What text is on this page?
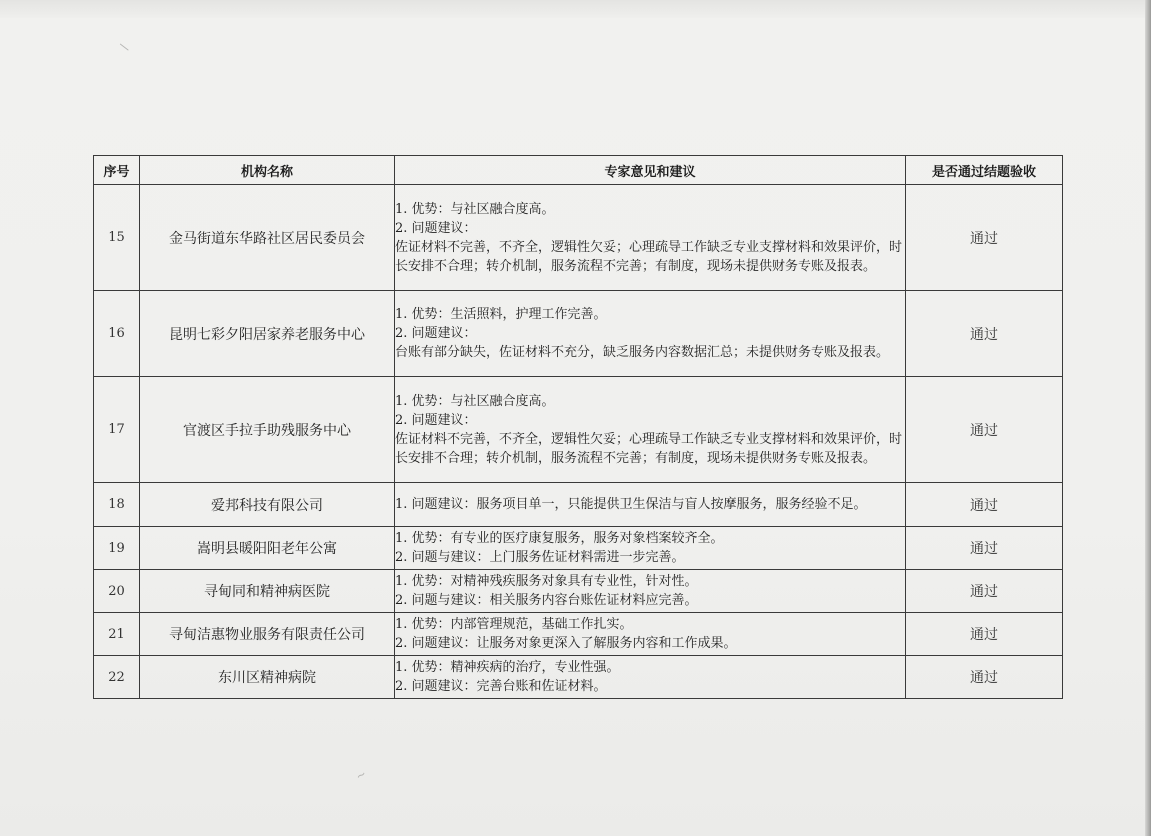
/
~
序号	机构名称	专家意见和建议	是否通过结题验收
15	金马街道东华路社区居民委员会	1. 优势：与社区融合度高。
2. 问题建议：
佐证材料不完善，不齐全，逻辑性欠妥；心理疏导工作缺乏专业支撑材料和效果评价，时长安排不合理；转介机制，服务流程不完善；有制度，现场未提供财务专账及报表。	通过
16	昆明七彩夕阳居家养老服务中心	1. 优势：生活照料，护理工作完善。
2. 问题建议：
台账有部分缺失，佐证材料不充分，缺乏服务内容数据汇总；未提供财务专账及报表。	通过
17	官渡区手拉手助残服务中心	1. 优势：与社区融合度高。
2. 问题建议：
佐证材料不完善，不齐全，逻辑性欠妥；心理疏导工作缺乏专业支撑材料和效果评价，时长安排不合理；转介机制，服务流程不完善；有制度，现场未提供财务专账及报表。	通过
18	爱邦科技有限公司	1. 问题建议：服务项目单一，只能提供卫生保洁与盲人按摩服务，服务经验不足。	通过
19	嵩明县暖阳阳老年公寓	1. 优势：有专业的医疗康复服务，服务对象档案较齐全。
2. 问题与建议：上门服务佐证材料需进一步完善。	通过
20	寻甸同和精神病医院	1. 优势：对精神残疾服务对象具有专业性，针对性。
2. 问题与建议：相关服务内容台账佐证材料应完善。	通过
21	寻甸洁惠物业服务有限责任公司	1. 优势：内部管理规范，基础工作扎实。
2. 问题建议：让服务对象更深入了解服务内容和工作成果。	通过
22	东川区精神病院	1. 优势：精神疾病的治疗，专业性强。
2. 问题建议：完善台账和佐证材料。	通过
